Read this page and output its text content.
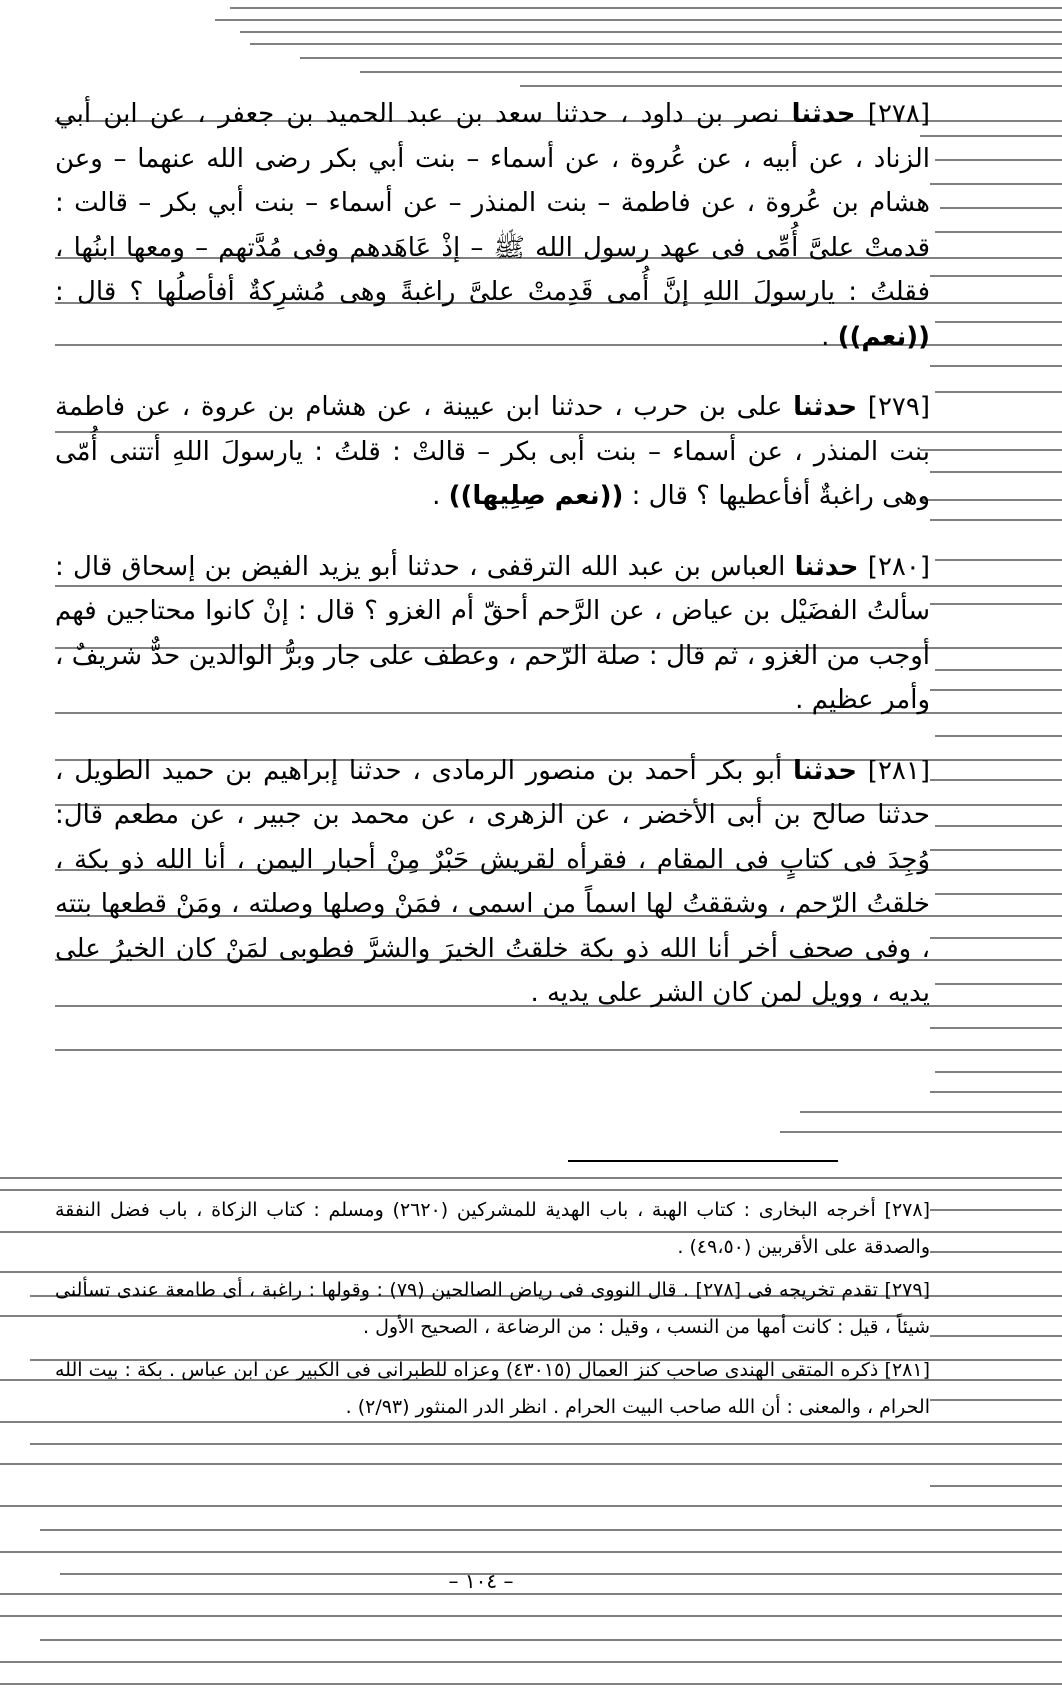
[٢٧٨] حدثنا نصر بن داود ، حدثنا سعد بن عبد الحميد بن جعفر ، عن ابن أبي الزناد ، عن أبيه ، عن عُروة ، عن أسماء – بنت أبي بكر رضى الله عنهما – وعن هشام بن عُروة ، عن فاطمة – بنت المنذر – عن أسماء – بنت أبي بكر – قالت : قدمتْ علىَّ أُمِّى فى عهد رسول الله ﷺ – إذْ عَاهَدهم وفى مُدَّتهم – ومعها ابنُها ، فقلتُ : يارسولَ اللهِ إنَّ أُمى قَدِمتْ علىَّ راغبةً وهى مُشرِكةٌ أفأصلُها ؟ قال : ((نعم)) .

[٢٧٩] حدثنا على بن حرب ، حدثنا ابن عيينة ، عن هشام بن عروة ، عن فاطمة بنت المنذر ، عن أسماء – بنت أبى بكر – قالتْ : قلتُ : يارسولَ اللهِ أتتنى أُمّى وهى راغبةٌ أفأعطيها ؟ قال : ((نعم صِلِيها)) .

[٢٨٠] حدثنا العباس بن عبد الله الترقفى ، حدثنا أبو يزيد الفيض بن إسحاق قال : سألتُ الفضَيْل بن عياض ، عن الرَّحم أحقّ أم الغزو ؟ قال : إنْ كانوا محتاجين فهم أوجب من الغزو ، ثم قال : صلة الرّحم ، وعطف على جار وبرُّ الوالدين حدٌّ شريفٌ ، وأمر عظيم .

[٢٨١] حدثنا أبو بكر أحمد بن منصور الرمادى ، حدثنا إبراهيم بن حميد الطويل ، حدثنا صالح بن أبى الأخضر ، عن الزهرى ، عن محمد بن جبير ، عن مطعم قال: وُجِدَ فى كتابٍ فى المقام ، فقرأه لقريش حَبْرٌ مِنْ أحبار اليمن ، أنا الله ذو بكة ، خلقتُ الرّحم ، وشققتُ لها اسماً من اسمى ، فمَنْ وصلها وصلته ، ومَنْ قطعها بتته ، وفى صحف أخر أنا الله ذو بكة خلقتُ الخيرَ والشرَّ فطوبى لمَنْ كان الخيرُ على يديه ، وويل لمن كان الشر على يديه .

[٢٧٨] أخرجه البخارى : كتاب الهبة ، باب الهدية للمشركين (٢٦٢٠) ومسلم : كتاب الزكاة ، باب فضل النفقة والصدقة على الأقربين (٤٩،٥٠) .

[٢٧٩] تقدم تخريجه فى [٢٧٨] . قال النووى فى رياض الصالحين (٧٩) : وقولها : راغبة ، أى طامعة عندى تسألنى شيئاً ، قيل : كانت أمها من النسب ، وقيل : من الرضاعة ، الصحيح الأول .

[٢٨١] ذكره المتقى الهندى صاحب كنز العمال (٤٣٠١٥) وعزاه للطبرانى فى الكبير عن ابن عباس . بكة : بيت الله الحرام ، والمعنى : أن الله صاحب البيت الحرام . انظر الدر المنثور (٢/٩٣) .

– ١٠٤ –
